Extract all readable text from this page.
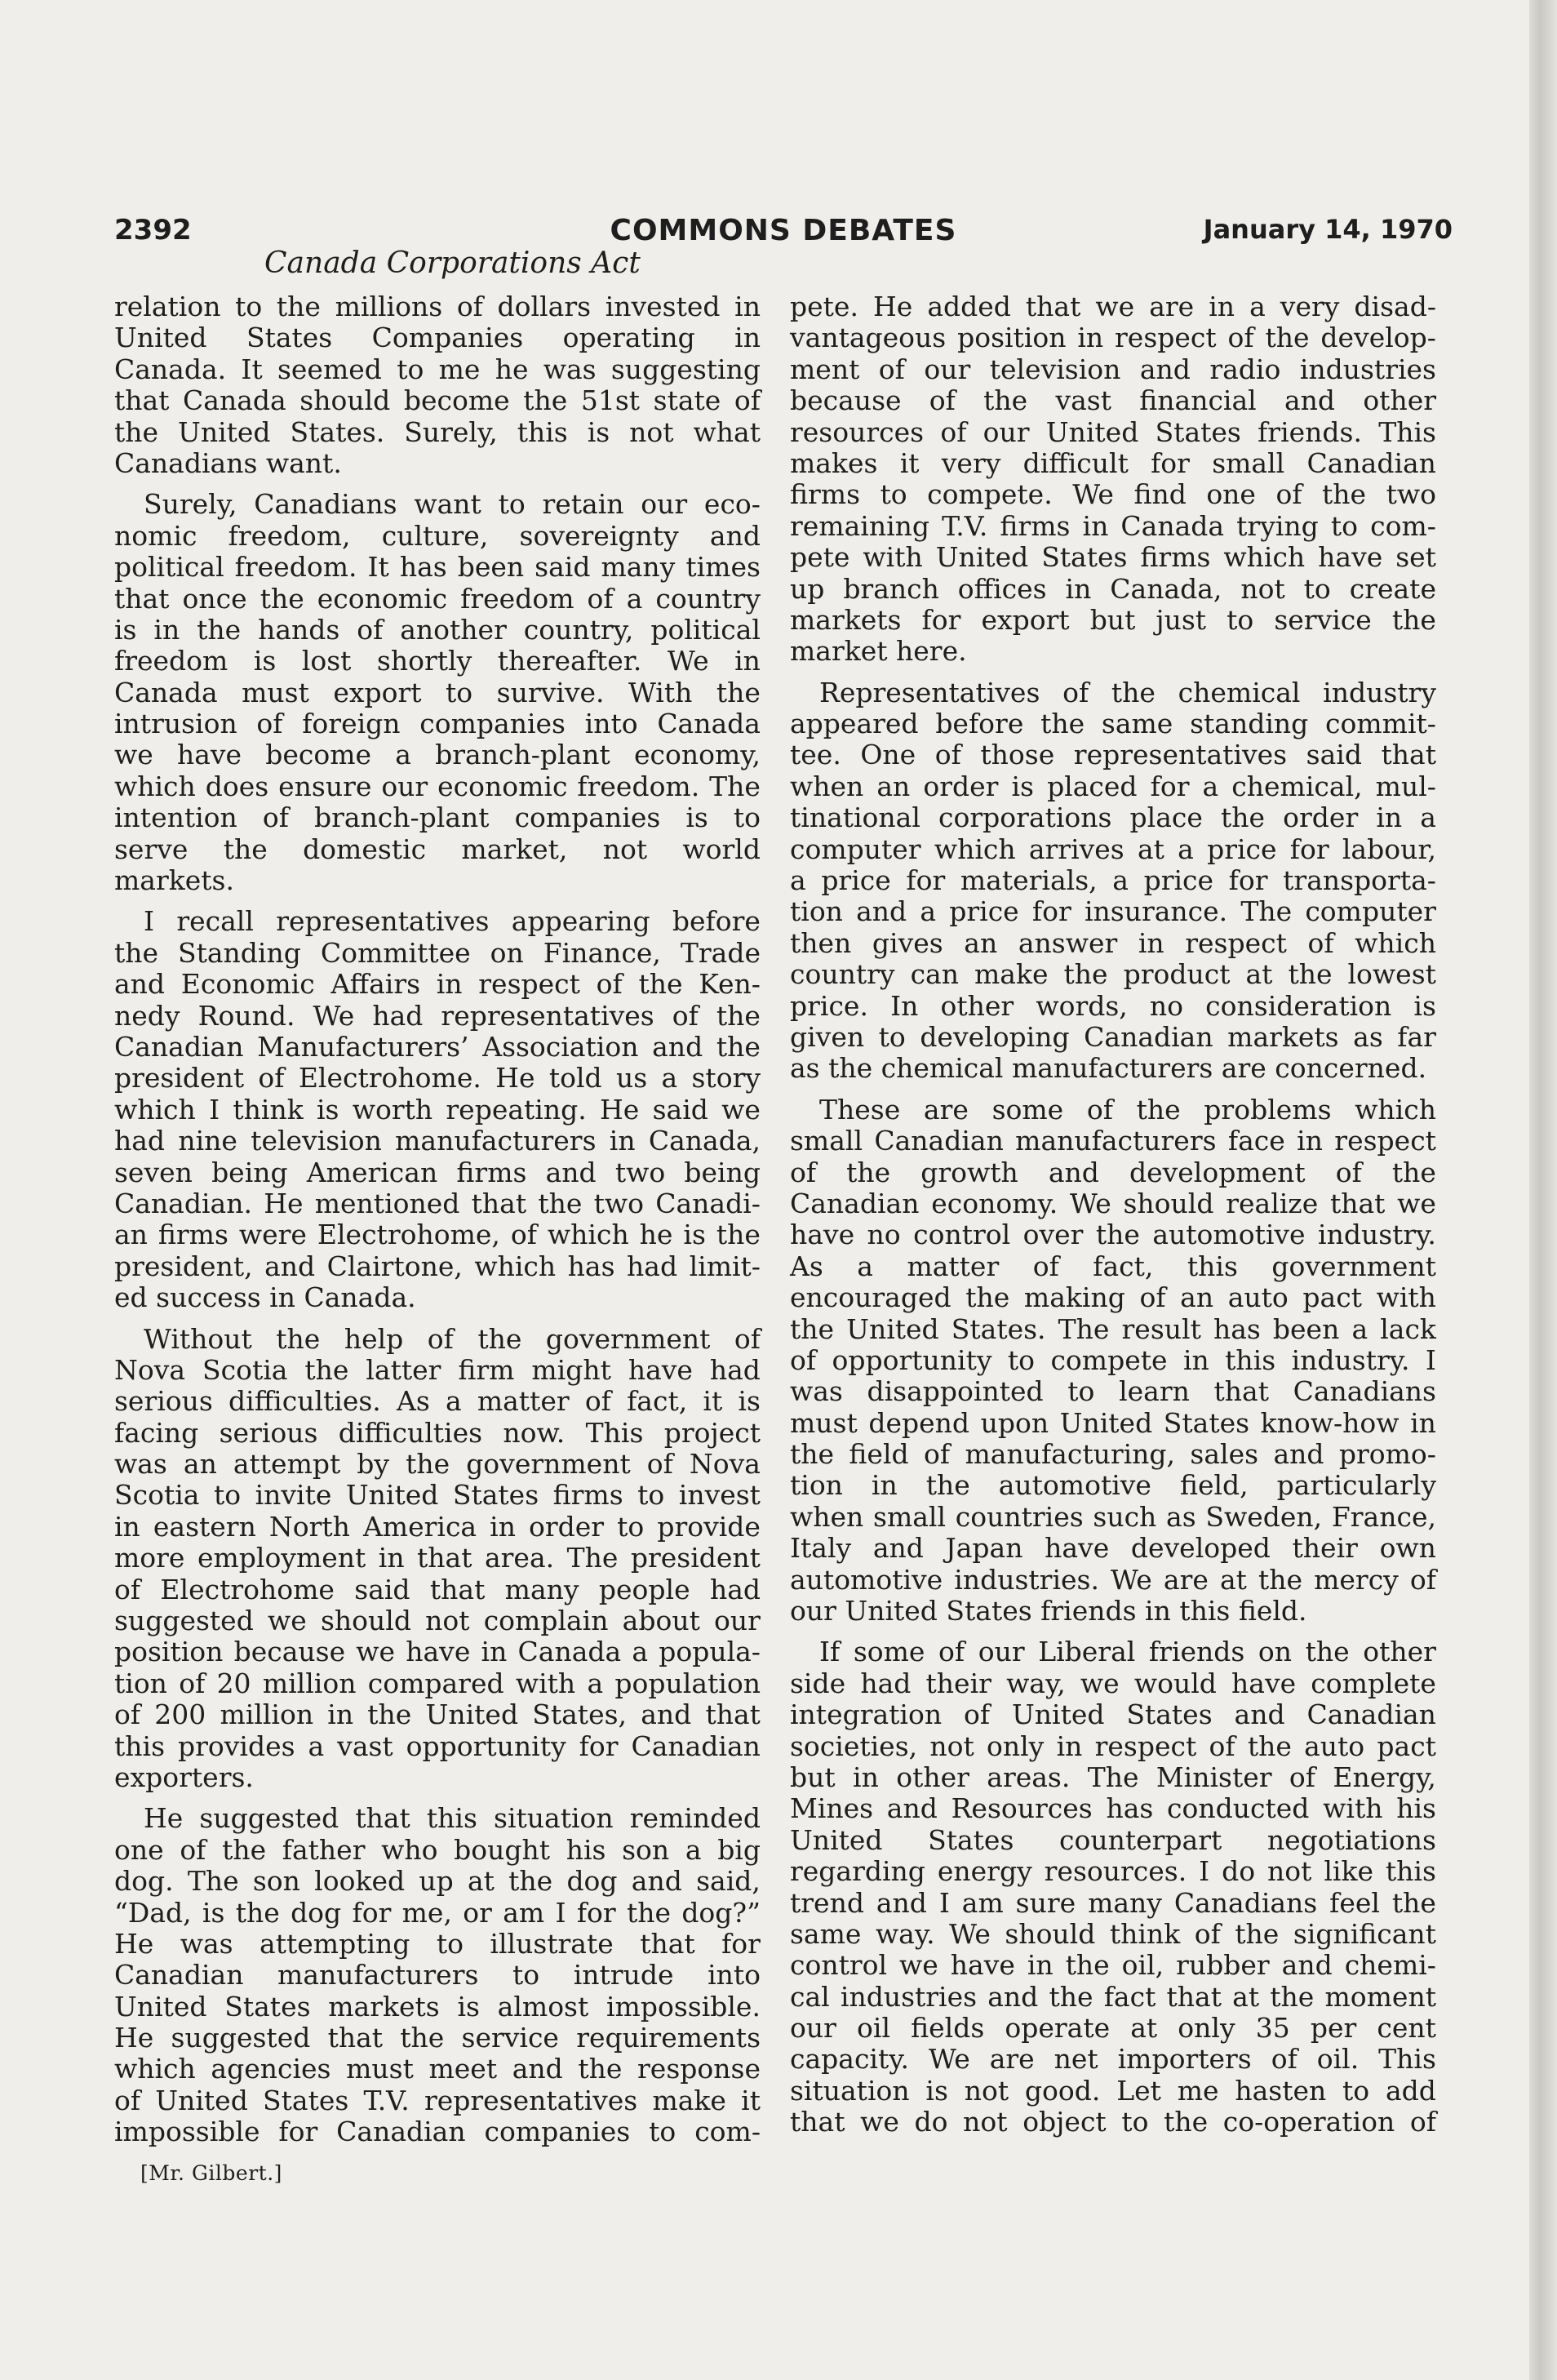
2392	COMMONS DEBATES	January 14, 1970
Canada Corporations Act
relation to the millions of dollars invested in
United States Companies operating in
Canada. It seemed to me he was suggesting
that Canada should become the 51st state of
the United States. Surely, this is not what
Canadians want.
Surely, Canadians want to retain our eco-
nomic freedom, culture, sovereignty and
political freedom. It has been said many times
that once the economic freedom of a country
is in the hands of another country, political
freedom is lost shortly thereafter. We in
Canada must export to survive. With the
intrusion of foreign companies into Canada
we have become a branch-plant economy,
which does ensure our economic freedom. The
intention of branch-plant companies is to
serve the domestic market, not world
markets.
I recall representatives appearing before
the Standing Committee on Finance, Trade
and Economic Affairs in respect of the Ken-
nedy Round. We had representatives of the
Canadian Manufacturers’ Association and the
president of Electrohome. He told us a story
which I think is worth repeating. He said we
had nine television manufacturers in Canada,
seven being American firms and two being
Canadian. He mentioned that the two Canadi-
an firms were Electrohome, of which he is the
president, and Clairtone, which has had limit-
ed success in Canada.
Without the help of the government of
Nova Scotia the latter firm might have had
serious difficulties. As a matter of fact, it is
facing serious difficulties now. This project
was an attempt by the government of Nova
Scotia to invite United States firms to invest
in eastern North America in order to provide
more employment in that area. The president
of Electrohome said that many people had
suggested we should not complain about our
position because we have in Canada a popula-
tion of 20 million compared with a population
of 200 million in the United States, and that
this provides a vast opportunity for Canadian
exporters.
He suggested that this situation reminded
one of the father who bought his son a big
dog. The son looked up at the dog and said,
“Dad, is the dog for me, or am I for the dog?”
He was attempting to illustrate that for
Canadian manufacturers to intrude into
United States markets is almost impossible.
He suggested that the service requirements
which agencies must meet and the response
of United States T.V. representatives make it
impossible for Canadian companies to com-
pete. He added that we are in a very disad-
vantageous position in respect of the develop-
ment of our television and radio industries
because of the vast financial and other
resources of our United States friends. This
makes it very difficult for small Canadian
firms to compete. We find one of the two
remaining T.V. firms in Canada trying to com-
pete with United States firms which have set
up branch offices in Canada, not to create
markets for export but just to service the
market here.
Representatives of the chemical industry
appeared before the same standing commit-
tee. One of those representatives said that
when an order is placed for a chemical, mul-
tinational corporations place the order in a
computer which arrives at a price for labour,
a price for materials, a price for transporta-
tion and a price for insurance. The computer
then gives an answer in respect of which
country can make the product at the lowest
price. In other words, no consideration is
given to developing Canadian markets as far
as the chemical manufacturers are concerned.
These are some of the problems which
small Canadian manufacturers face in respect
of the growth and development of the
Canadian economy. We should realize that we
have no control over the automotive industry.
As a matter of fact, this government
encouraged the making of an auto pact with
the United States. The result has been a lack
of opportunity to compete in this industry. I
was disappointed to learn that Canadians
must depend upon United States know-how in
the field of manufacturing, sales and promo-
tion in the automotive field, particularly
when small countries such as Sweden, France,
Italy and Japan have developed their own
automotive industries. We are at the mercy of
our United States friends in this field.
If some of our Liberal friends on the other
side had their way, we would have complete
integration of United States and Canadian
societies, not only in respect of the auto pact
but in other areas. The Minister of Energy,
Mines and Resources has conducted with his
United States counterpart negotiations
regarding energy resources. I do not like this
trend and I am sure many Canadians feel the
same way. We should think of the significant
control we have in the oil, rubber and chemi-
cal industries and the fact that at the moment
our oil fields operate at only 35 per cent
capacity. We are net importers of oil. This
situation is not good. Let me hasten to add
that we do not object to the co-operation of
[Mr. Gilbert.]
